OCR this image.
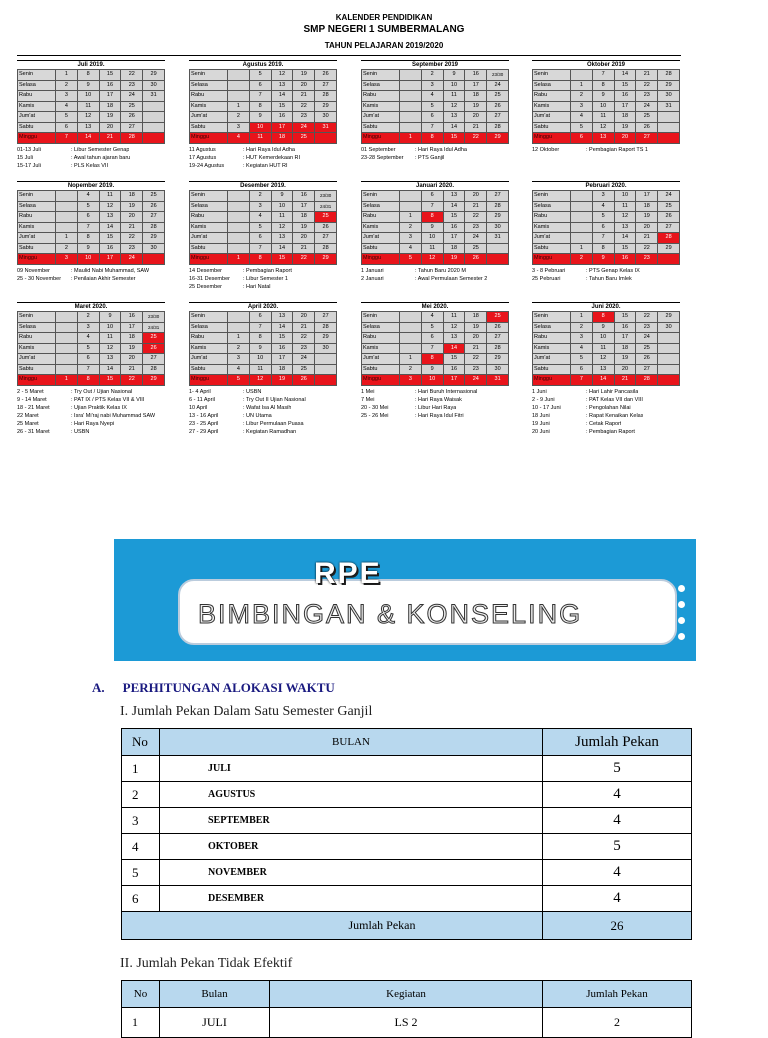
KALENDER PENDIDIKAN
SMP NEGERI 1 SUMBERMALANG
TAHUN PELAJARAN 2019/2020
Juli 2019.
Senin	1	8	15	22	29
Selasa	2	9	16	23	30
Rabu	3	10	17	24	31
Kamis	4	11	18	25	
Jum'at	5	12	19	26	
Sabtu	6	13	20	27	
Minggu	7	14	21	28	
01-13 Juli	: Libur Semester Genap
15 Juli	: Awal tahun ajaran baru
15-17 Juli	: PLS Kelas VII
Agustus 2019.
Senin		5	12	19	26
Selasa		6	13	20	27
Rabu		7	14	21	28
Kamis	1	8	15	22	29
Jum'at	2	9	16	23	30
Sabtu	3	10	17	24	31
Minggu	4	11	18	25	
11 Agustus	: Hari Raya Idul Adha
17 Agustus	: HUT Kemerdekaan RI
19-24 Agustus	: Kegiatan HUT RI
September 2019
Senin		2	9	16	23/30
Selasa		3	10	17	24
Rabu		4	11	18	25
Kamis		5	12	19	26
Jum'at		6	13	20	27
Sabtu		7	14	21	28
Minggu	1	8	15	22	29
01 September	: Hari Raya Idul Adha
23-28 September	: PTS Ganjil
Oktober 2019
Senin		7	14	21	28
Selasa	1	8	15	22	29
Rabu	2	9	16	23	30
Kamis	3	10	17	24	31
Jum'at	4	11	18	25	
Sabtu	5	12	19	26	
Minggu	6	13	20	27	
12 Oktober	: Pembagian Raport TS 1
Nopember 2019.
Senin		4	11	18	25
Selasa		5	12	19	26
Rabu		6	13	20	27
Kamis		7	14	21	28
Jum'at	1	8	15	22	29
Sabtu	2	9	16	23	30
Minggu	3	10	17	24	
09 November	: Maulid Nabi Muhammad, SAW
25 - 30 November	: Penilaian Akhir Semester
Desember 2019.
Senin		2	9	16	23/30
Selasa		3	10	17	24/31
Rabu		4	11	18	25
Kamis		5	12	19	26
Jum'at		6	13	20	27
Sabtu		7	14	21	28
Minggu	1	8	15	22	29
14 Desember	: Pembagian Raport
16-31 Desember	: Libur Semester 1
25 Desember	: Hari Natal
Januari 2020.
Senin		6	13	20	27
Selasa		7	14	21	28
Rabu	1	8	15	22	29
Kamis	2	9	16	23	30
Jum'at	3	10	17	24	31
Sabtu	4	11	18	25	
Minggu	5	12	19	26	
1 Januari	: Tahun Baru 2020 M
2 Januari	: Awal Permulaan Semester 2
Pebruari 2020.
Senin		3	10	17	24
Selasa		4	11	18	25
Rabu		5	12	19	26
Kamis		6	13	20	27
Jum'at		7	14	21	28
Sabtu	1	8	15	22	29
Minggu	2	9	16	23	
3 - 8 Pebruari	: PTS Genap Kelas IX
25 Pebruari	: Tahun Baru Imlek
Maret 2020.
Senin		2	9	16	23/30
Selasa		3	10	17	24/31
Rabu		4	11	18	25
Kamis		5	12	19	26
Jum'at		6	13	20	27
Sabtu		7	14	21	28
Minggu	1	8	15	22	29
2 - 5 Maret	: Try Out / Ujian Nasional
9 - 14 Maret	: PAT IX / PTS Kelas VII & VIII
18 - 21 Maret	: Ujian Praktik Kelas IX
22 Maret	: Isra' Mi'raj nabi Muhammad SAW
25 Maret	: Hari Raya Nyepi
26 - 31 Maret	: USBN
April 2020.
Senin		6	13	20	27
Selasa		7	14	21	28
Rabu	1	8	15	22	29
Kamis	2	9	16	23	30
Jum'at	3	10	17	24	
Sabtu	4	11	18	25	
Minggu	5	12	19	26	
1- 4 April	: USBN
6 - 11 April	: Try Out II Ujian Nasional
10 April	: Wafat Isa Al Masih
13 - 16 April	: UN Utama
23 - 25 April	: Libur Permulaan Puasa
27 - 29 April	: Kegiatan Ramadhan
Mei 2020.
Senin		4	11	18	25
Selasa		5	12	19	26
Rabu		6	13	20	27
Kamis		7	14	21	28
Jum'at	1	8	15	22	29
Sabtu	2	9	16	23	30
Minggu	3	10	17	24	31
1 Mei	: Hari Buruh Internasional
7 Mei	: Hari Raya Waisak
20 - 30 Mei	: Libur Hari Raya
25 - 26 Mei	: Hari Raya Idul Fitri
Juni 2020.
Senin	1	8	15	22	29
Selasa	2	9	16	23	30
Rabu	3	10	17	24	
Kamis	4	11	18	25	
Jum'at	5	12	19	26	
Sabtu	6	13	20	27	
Minggu	7	14	21	28	
1 Juni	: Hari Lahir Pancasila
2 - 9 Juni	: PAT Kelas VII dan VIII
10 - 17 Juni	: Pengolahan Nilai
18 Juni	: Rapat Kenaikan Kelas
19 Juni	: Cetak Raport
20 Juni	: Pembagian Raport
RPE
BIMBINGAN & KONSELING
A. PERHITUNGAN ALOKASI WAKTU
I. Jumlah Pekan Dalam Satu Semester Ganjil
No	BULAN	Jumlah Pekan
1	JULI	5
2	AGUSTUS	4
3	SEPTEMBER	4
4	OKTOBER	5
5	NOVEMBER	4
6	DESEMBER	4
Jumlah Pekan		26
II. Jumlah Pekan Tidak Efektif
No	Bulan	Kegiatan	Jumlah Pekan
1	JULI	LS 2	2
